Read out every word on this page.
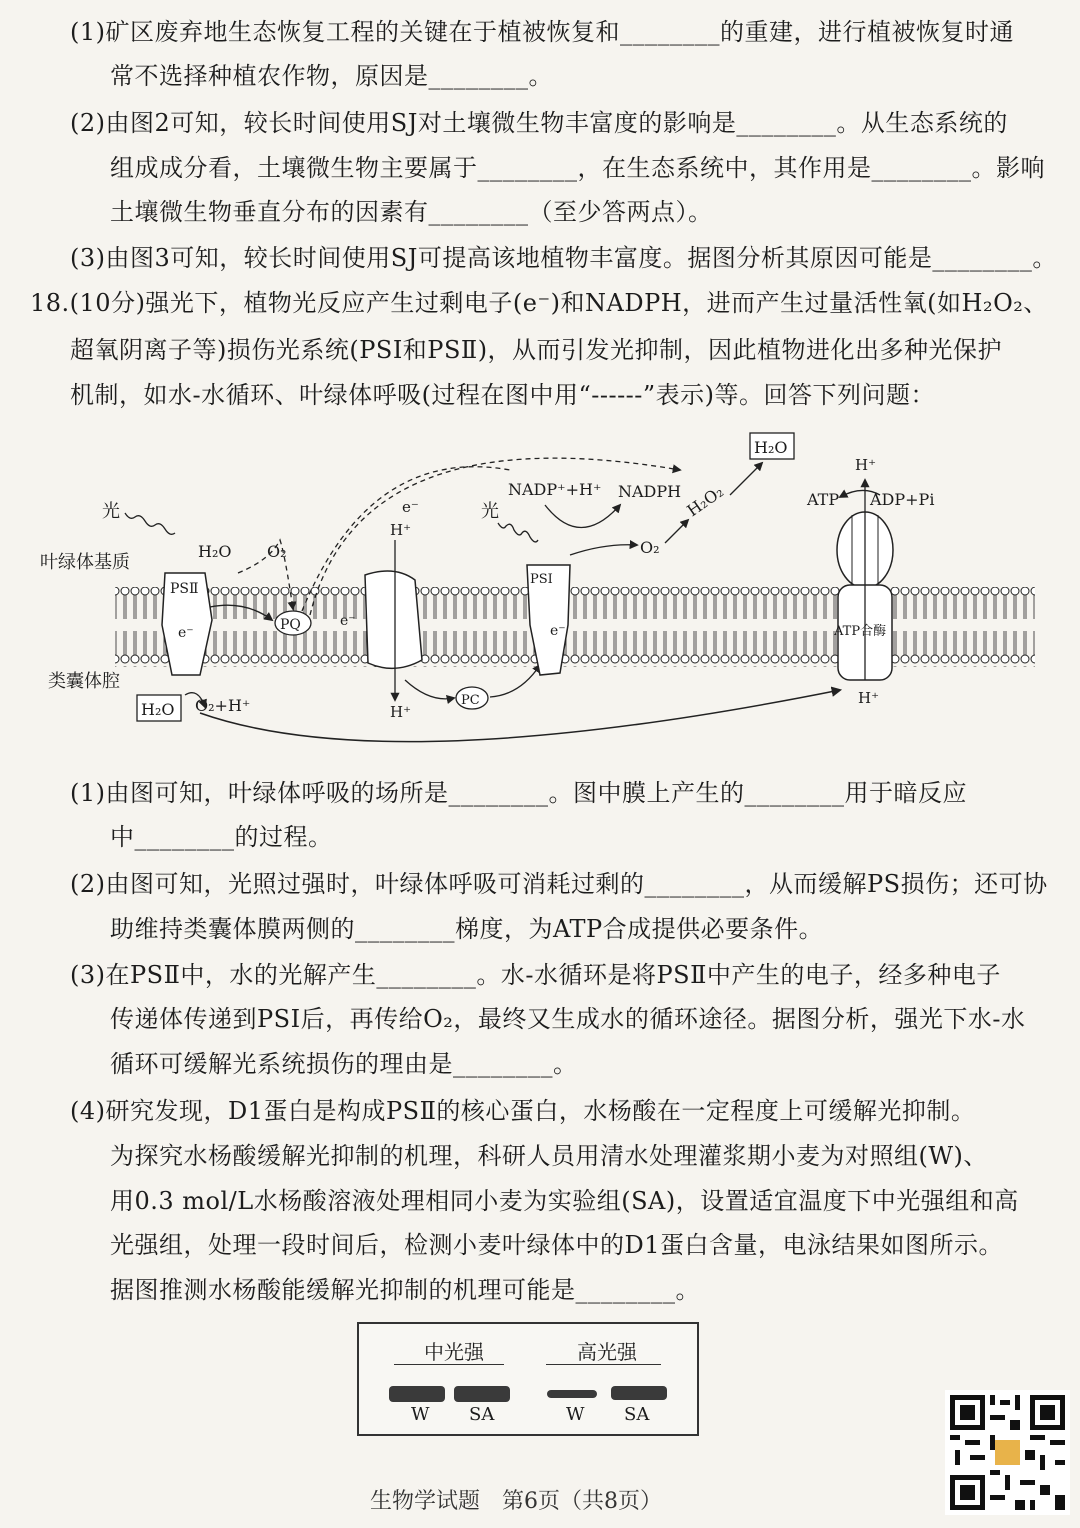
(1)矿区废弃地生态恢复工程的关键在于植被恢复和________的重建，进行植被恢复时通
常不选择种植农作物，原因是________。
(2)由图2可知，较长时间使用SJ对土壤微生物丰富度的影响是________。从生态系统的
组成成分看，土壤微生物主要属于________，在生态系统中，其作用是________。影响
土壤微生物垂直分布的因素有________（至少答两点）。
(3)由图3可知，较长时间使用SJ可提高该地植物丰富度。据图分析其原因可能是________。
18.(10分)强光下，植物光反应产生过剩电子(e⁻)和NADPH，进而产生过量活性氧(如H₂O₂、
超氧阴离子等)损伤光系统(PSⅠ和PSⅡ)，从而引发光抑制，因此植物进化出多种光保护
机制，如水-水循环、叶绿体呼吸(过程在图中用“------”表示)等。回答下列问题：
光
叶绿体基质
类囊体腔
PSⅡ
e⁻
H₂O O₂
H₂O O₂+H⁺
PQ	e⁻
H⁺
H⁺
e⁻
PC
PSⅠ
e⁻
光
NADP⁺+H⁺ NADPH
O₂
H₂O₂
H₂O
ATP合酶
ATP ADP+Pi
H⁺
H⁺
(1)由图可知，叶绿体呼吸的场所是________。图中膜上产生的________用于暗反应
中________的过程。
(2)由图可知，光照过强时，叶绿体呼吸可消耗过剩的________，从而缓解PS损伤；还可协
助维持类囊体膜两侧的________梯度，为ATP合成提供必要条件。
(3)在PSⅡ中，水的光解产生________。水-水循环是将PSⅡ中产生的电子，经多种电子
传递体传递到PSⅠ后，再传给O₂，最终又生成水的循环途径。据图分析，强光下水-水
循环可缓解光系统损伤的理由是________。
(4)研究发现，D1蛋白是构成PSⅡ的核心蛋白，水杨酸在一定程度上可缓解光抑制。
为探究水杨酸缓解光抑制的机理，科研人员用清水处理灌浆期小麦为对照组(W)、
用0.3 mol/L水杨酸溶液处理相同小麦为实验组(SA)，设置适宜温度下中光强组和高
光强组，处理一段时间后，检测小麦叶绿体中的D1蛋白含量，电泳结果如图所示。
据图推测水杨酸能缓解光抑制的机理可能是________。
中光强	高光强
W SA	W SA
生物学试题　第6页（共8页）
